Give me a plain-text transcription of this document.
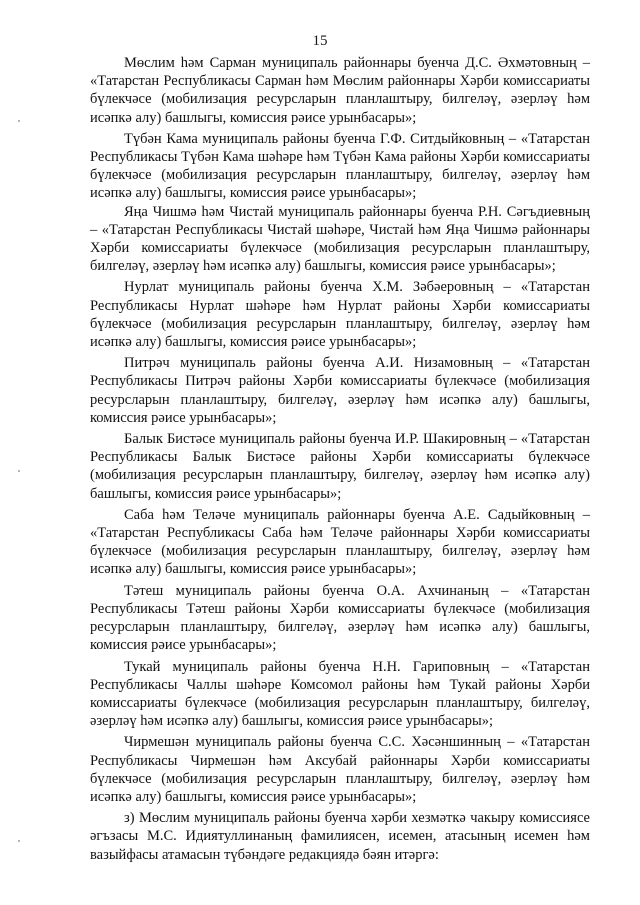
15

Мөслим һәм Сарман муниципаль районнары буенча Д.С. Әхмәтовның – «Татарстан Республикасы Сарман һәм Мөслим районнары Хәрби комиссариаты бүлекчәсе (мобилизация ресурсларын планлаштыру, билгеләү, әзерләү һәм исәпкә алу) башлыгы, комиссия рәисе урынбасары»;

Түбән Кама муниципаль районы буенча Г.Ф. Ситдыйковның – «Татарстан Республикасы Түбән Кама шәһәре һәм Түбән Кама районы Хәрби комиссариаты бүлекчәсе (мобилизация ресурсларын планлаштыру, билгеләү, әзерләү һәм исәпкә алу) башлыгы, комиссия рәисе урынбасары»;

Яңа Чишмә һәм Чистай муниципаль районнары буенча Р.Н. Сәгъдиевның – «Татарстан Республикасы Чистай шәһәре, Чистай һәм Яңа Чишмә районнары Хәрби комиссариаты бүлекчәсе (мобилизация ресурсларын планлаштыру, билгеләү, әзерләү һәм исәпкә алу) башлыгы, комиссия рәисе урынбасары»;

Нурлат муниципаль районы буенча Х.М. Зәбәеровның – «Татарстан Республикасы Нурлат шәһәре һәм Нурлат районы Хәрби комиссариаты бүлекчәсе (мобилизация ресурсларын планлаштыру, билгеләү, әзерләү һәм исәпкә алу) башлыгы, комиссия рәисе урынбасары»;

Питрәч муниципаль районы буенча А.И. Низамовның – «Татарстан Республикасы Питрәч районы Хәрби комиссариаты бүлекчәсе (мобилизация ресурсларын планлаштыру, билгеләү, әзерләү һәм исәпкә алу) башлыгы, комиссия рәисе урынбасары»;

Балык Бистәсе муниципаль районы буенча И.Р. Шакировның – «Татарстан Республикасы Балык Бистәсе районы Хәрби комиссариаты бүлекчәсе (мобилизация ресурсларын планлаштыру, билгеләү, әзерләү һәм исәпкә алу) башлыгы, комиссия рәисе урынбасары»;

Саба һәм Теләче муниципаль районнары буенча А.Е. Садыйковның – «Татарстан Республикасы Саба һәм Теләче районнары Хәрби комиссариаты бүлекчәсе (мобилизация ресурсларын планлаштыру, билгеләү, әзерләү һәм исәпкә алу) башлыгы, комиссия рәисе урынбасары»;

Тәтеш муниципаль районы буенча О.А. Ахчинаның – «Татарстан Республикасы Тәтеш районы Хәрби комиссариаты бүлекчәсе (мобилизация ресурсларын планлаштыру, билгеләү, әзерләү һәм исәпкә алу) башлыгы, комиссия рәисе урынбасары»;

Тукай муниципаль районы буенча Н.Н. Гариповның – «Татарстан Республикасы Чаллы шәһәре Комсомол районы һәм Тукай районы Хәрби комиссариаты бүлекчәсе (мобилизация ресурсларын планлаштыру, билгеләү, әзерләү һәм исәпкә алу) башлыгы, комиссия рәисе урынбасары»;

Чирмешән муниципаль районы буенча С.С. Хәсәншинның – «Татарстан Республикасы Чирмешән һәм Аксубай районнары Хәрби комиссариаты бүлекчәсе (мобилизация ресурсларын планлаштыру, билгеләү, әзерләү һәм исәпкә алу) башлыгы, комиссия рәисе урынбасары»;

з) Мөслим муниципаль районы буенча хәрби хезмәткә чакыру комиссиясе әгъзасы М.С. Идиятуллинаның фамилиясен, исемен, атасының исемен һәм вазыйфасы атамасын түбәндәге редакциядә бәян итәргә:
